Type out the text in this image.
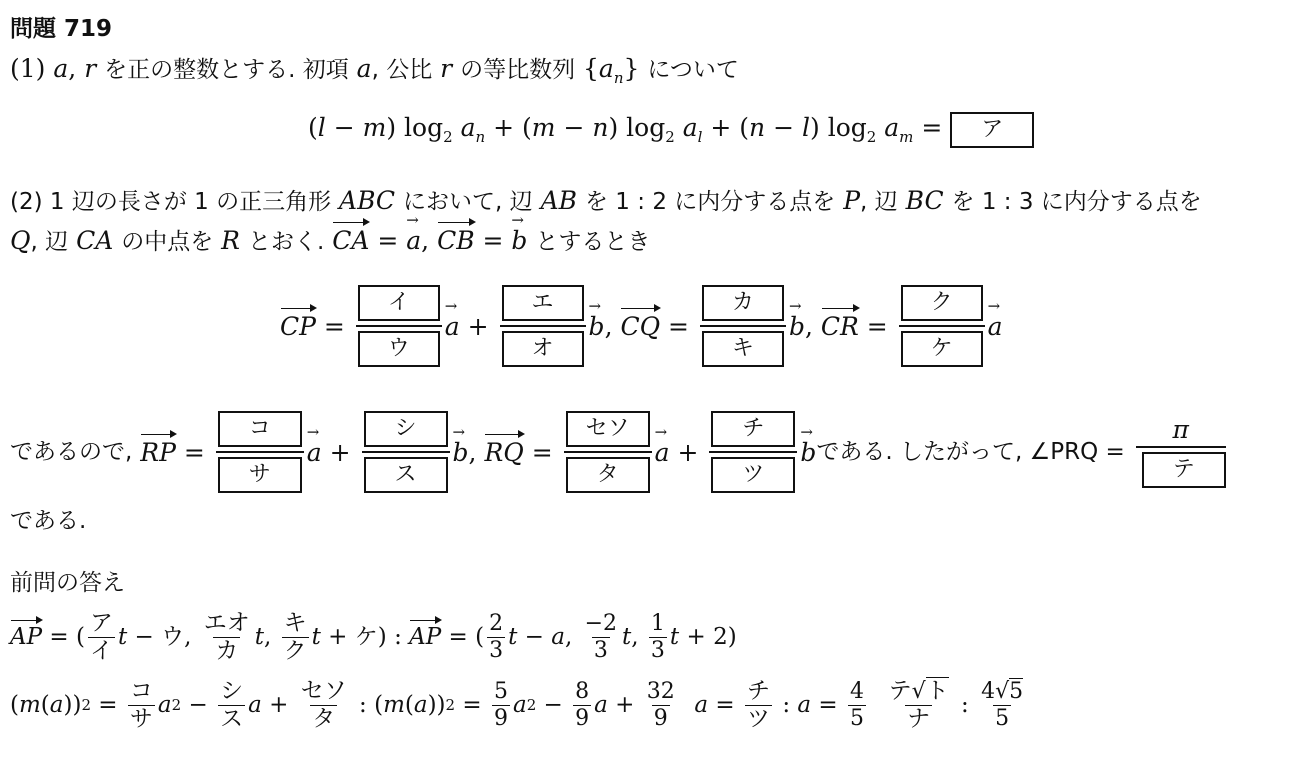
問題 719
(1) a, r を正の整数とする. 初項 a, 公比 r の等比数列 $\{a_n\}$ について
(l − m) $\log_2 a_n + (m - n)$ $\log_2 a_l + (n - l)$ $\log_2 a_m$ =	ア
(2) 1 辺の長さが 1 の正三角形 ABC において, 辺 AB を 1 : 2 に内分する点を P, 辺 BC を 1 : 3 に内分する点を
Q, 辺 CA の中点を R とおく. CA = a →, CB = b → とするとき
CP = $\frac{\text{イ}}{\text{ウ}}$ a → + $\frac{\text{エ}}{\text{オ}}$ b → , CQ = $\frac{\text{カ}}{\text{キ}}$ b → , CR = $\frac{\text{ク}}{\text{ケ}}$ a →
であるので,
RP = $\frac{\text{コ}}{\text{サ}}$ a → + $\frac{\text{シ}}{\text{ス}}$ b → , RQ = $\frac{\text{セソ}}{\text{タ}}$ a → + $\frac{\text{チ}}{\text{ツ}}$ b → である. したがって, ∠PRQ =
$\frac{\pi}{\text{テ}}$
である.
前問の答え
AP = ( $\frac{\text{ア}}{\text{イ}}$ t − ウ , $\frac{\text{エオ}}{\text{カ}}$ t , $\frac{\text{キ}}{\text{ク}}$ t + ケ ) : AP = ( $\frac{2}{3}$ t − a , $\frac{-2}{3}$ t , $\frac{1}{3}$ t + 2)
( m ( a )) $2 = \frac{\text{コ}}{\text{サ}}$ a $2 - \frac{\text{シ}}{\text{ス}}$ $a + \frac{\text{セソ}}{\text{タ}}$ : ( m ( a )) $2 = \frac{5}{9}$ a $2 - \frac{8}{9}$ $a + \frac{32}{9}$
$a = \frac{\text{チ}}{\text{ツ}}$ : $a = \frac{4}{5}$
$\frac{\text{テ√ト}}{\text{ナ}}$ : $\frac{4√5}{5}$
